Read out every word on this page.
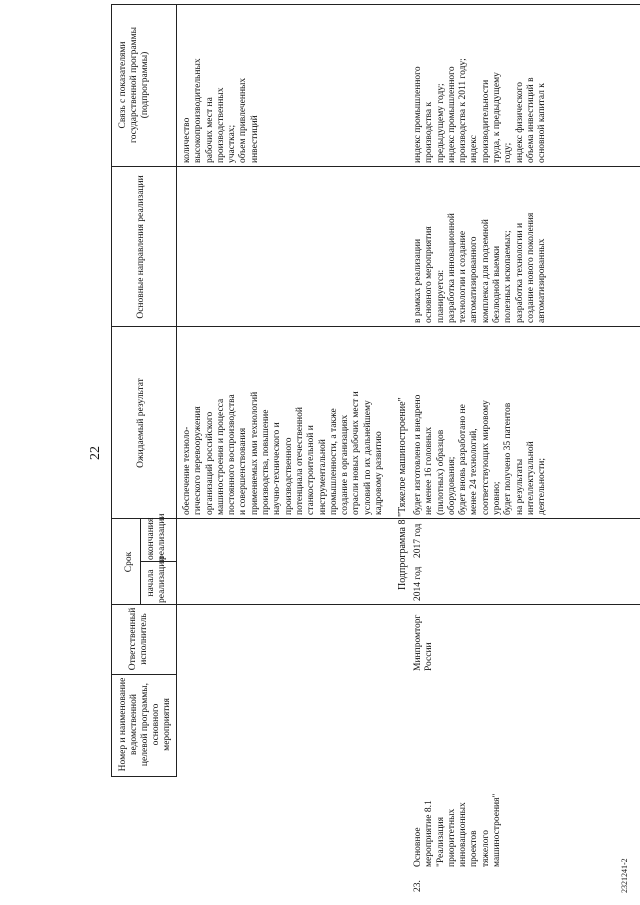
22
Номер и наименование ведомственной целевой программы, основного мероприятия
Ответственный исполнитель
Срок
начала реализации
окончания реализации
Ожидаемый результат
Основные направления реализации
Связь с показателями государственной программы (подпрограммы)
обеспечение техноло-
гического перевооружения
организаций российского
машиностроения и процесса
постоянного воспроизводства
и совершенствования
применяемых ими технологий
производства, повышение
научно-технического и
производственного
потенциала отечественной
станкостроительной и
инструментальной
промышленности, а также
создание в организациях
отрасли новых рабочих мест и
условий по их дальнейшему
кадровому развитию
количество
высокопроизводительных
рабочих мест на
производственных
участках;
объем привлеченных
инвестиций
Подпрограмма 8 "Тяжелое машиностроение"
23.
Основное
мероприятие 8.1
"Реализация
приоритетных
инновационных проектов
тяжелого
машиностроения"
Минпромторг
России
2014 год
2017 год
будет изготовлено и внедрено
не менее 16 головных
(пилотных) образцов
оборудования;
будет вновь разработано не
менее 24 технологий,
соответствующих мировому
уровню;
будет получено 35 патентов
на результаты
интеллектуальной
деятельности;
в рамках реализации
основного мероприятия
планируется:
разработка инновационной
технологии и создание
автоматизированного
комплекса для подземной
безлюдной выемки
полезных ископаемых;
разработка технологии и
создание нового поколения
автоматизированных
индекс промышленного
производства к
предыдущему году;
индекс промышленного
производства к 2011 году;
индекс
производительности
труда, к предыдущему
году;
индекс физического
объема инвестиций в
основной капитал к
2321241-2
